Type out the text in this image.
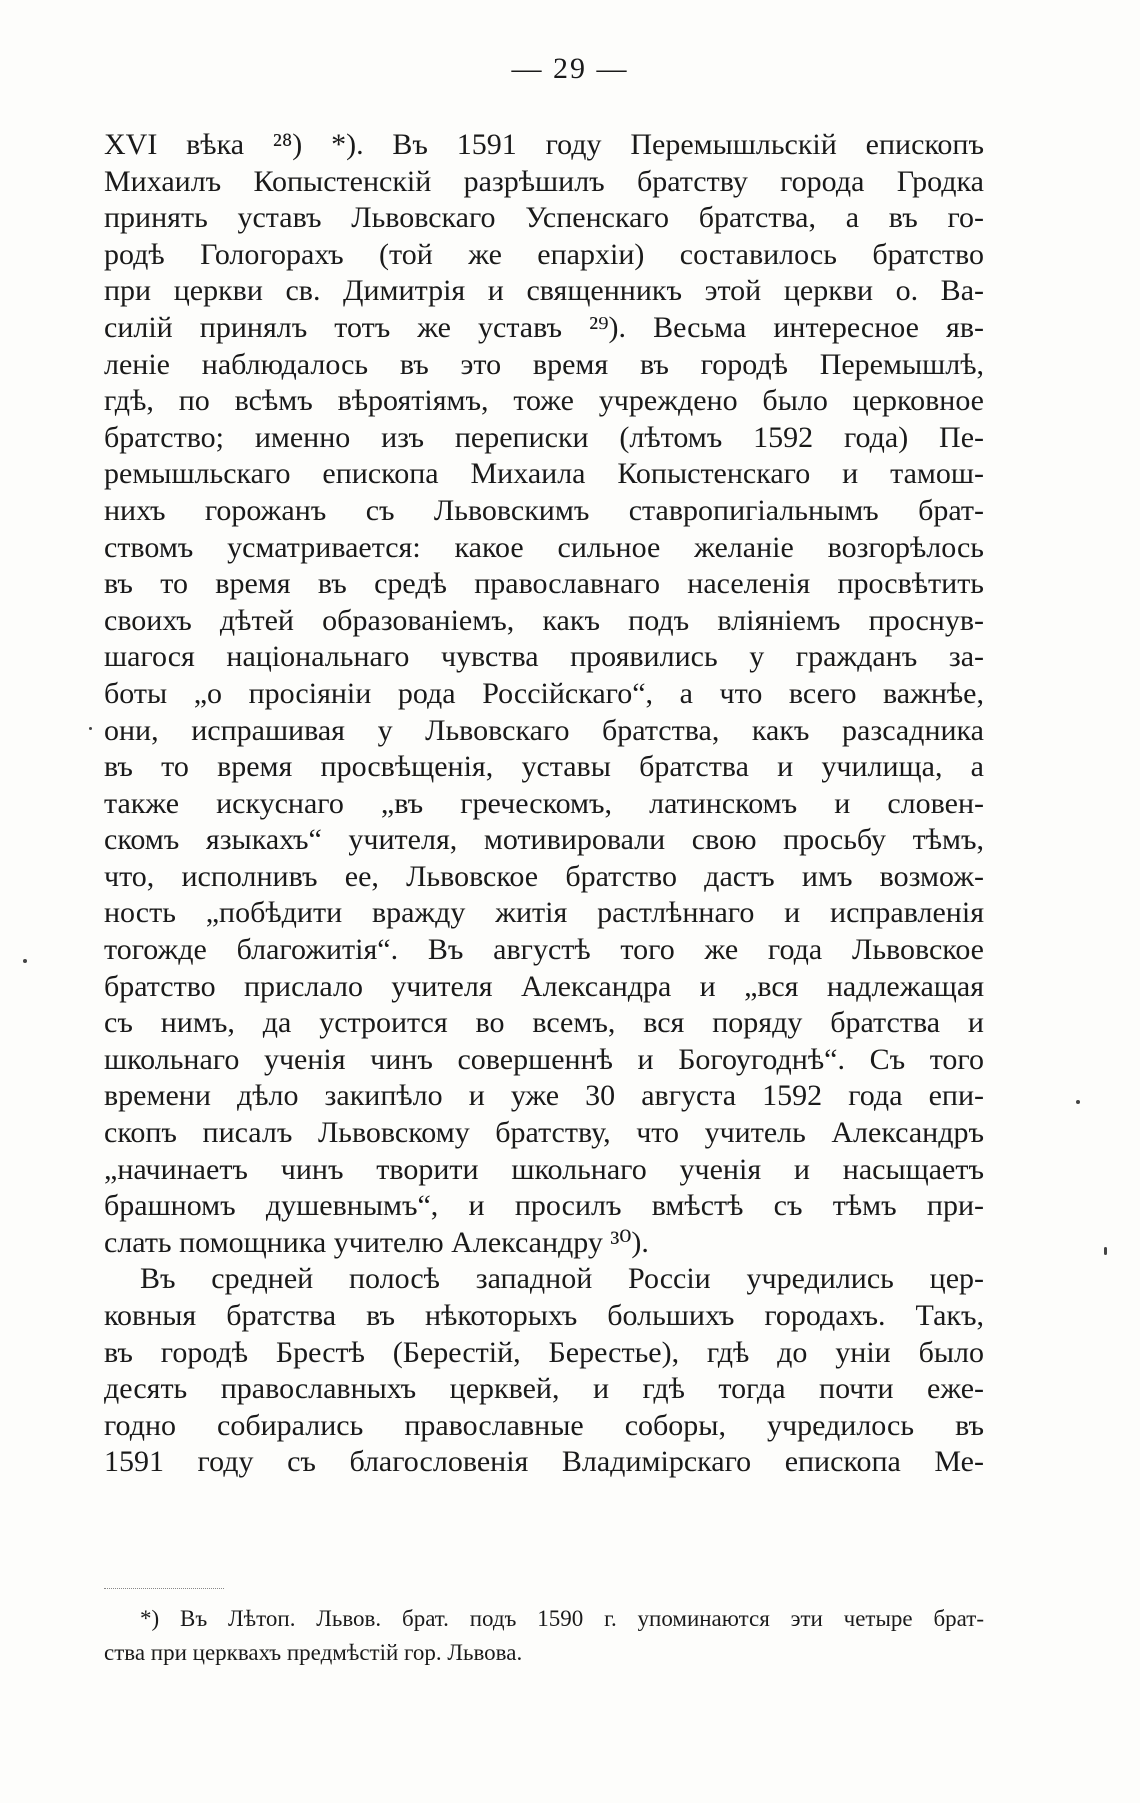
— 29 —
XVI вѣка ²⁸) *). Въ 1591 году Перемышльскій епископъ
Михаилъ Копыстенскій разрѣшилъ братству города Гродка
принять уставъ Львовскаго Успенскаго братства, а въ го-
родѣ Гологорахъ (той же епархіи) составилось братство
при церкви св. Димитрія и священникъ этой церкви о. Ва-
силій принялъ тотъ же уставъ ²⁹). Весьма интересное яв-
леніе наблюдалось въ это время въ городѣ Перемышлѣ,
гдѣ, по всѣмъ вѣроятіямъ, тоже учреждено было церковное
братство; именно изъ переписки (лѣтомъ 1592 года) Пе-
ремышльскаго епископа Михаила Копыстенскаго и тамош-
нихъ горожанъ съ Львовскимъ ставропигіальнымъ брат-
ствомъ усматривается: какое сильное желаніе возгорѣлось
въ то время въ средѣ православнаго населенія просвѣтить
своихъ дѣтей образованіемъ, какъ подъ вліяніемъ проснув-
шагося національнаго чувства проявились у гражданъ за-
боты „о просіяніи рода Россійскаго“, а что всего важнѣе,
они, испрашивая у Львовскаго братства, какъ разсадника
въ то время просвѣщенія, уставы братства и училища, а
также искуснаго „въ греческомъ, латинскомъ и словен-
скомъ языкахъ“ учителя, мотивировали свою просьбу тѣмъ,
что, исполнивъ ее, Львовское братство дастъ имъ возмож-
ность „побѣдити вражду житія растлѣннаго и исправленія
тогожде благожитія“. Въ августѣ того же года Львовское
братство прислало учителя Александра и „вся надлежащая
съ нимъ, да устроится во всемъ, вся поряду братства и
школьнаго ученія чинъ совершеннѣ и Богоугоднѣ“. Съ того
времени дѣло закипѣло и уже 30 августа 1592 года епи-
скопъ писалъ Львовскому братству, что учитель Александръ
„начинаетъ чинъ творити школьнаго ученія и насыщаетъ
брашномъ душевнымъ“, и просилъ вмѣстѣ съ тѣмъ при-
слать помощника учителю Александру ³⁰).
Въ средней полосѣ западной Россіи учредились цер-
ковныя братства въ нѣкоторыхъ большихъ городахъ. Такъ,
въ городѣ Брестѣ (Берестій, Берестье), гдѣ до уніи было
десять православныхъ церквей, и гдѣ тогда почти еже-
годно собирались православные соборы, учредилось въ
1591 году съ благословенія Владимірскаго епископа Ме-
*) Въ Лѣтоп. Львов. брат. подъ 1590 г. упоминаются эти четыре брат-
ства при церквахъ предмѣстій гор. Львова.
